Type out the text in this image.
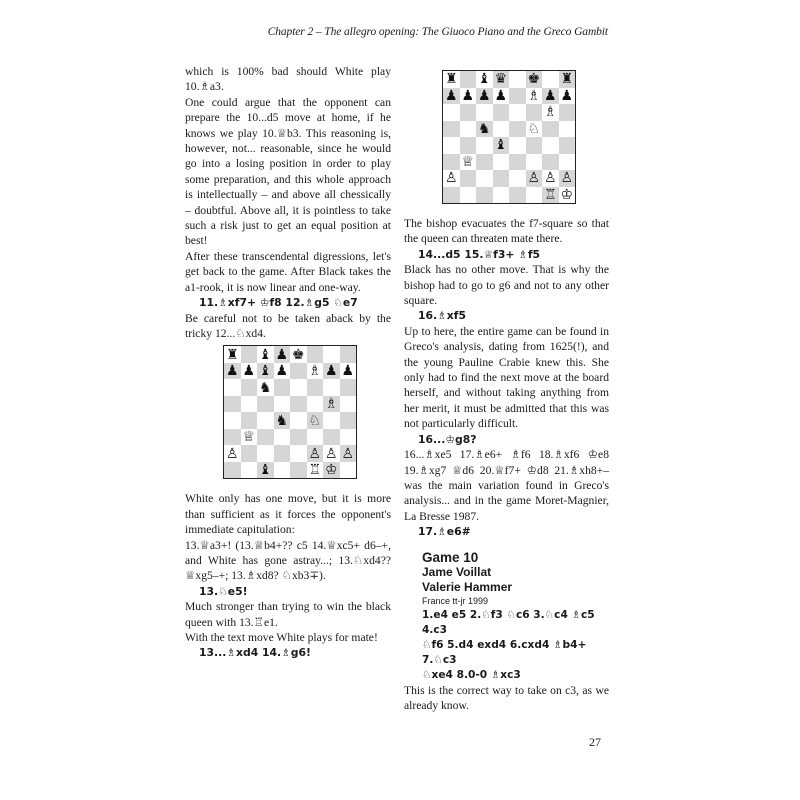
Chapter 2 – The allegro opening: The Giuoco Piano and the Greco Gambit

which is 100% bad should White play 10.♗a3.

One could argue that the opponent can prepare the 10...d5 move at home, if he knows we play 10.♕b3. This reasoning is, however, not... reasonable, since he would go into a losing position in order to play some preparation, and this whole approach is intellectually – and above all chessically – doubtful. Above all, it is pointless to take such a risk just to get an equal position at best!

After these transcendental digressions, let's get back to the game. After Black takes the a1-rook, it is now linear and one-way.

11.♗xf7+ ♔f8 12.♗g5 ♘e7

Be careful not to be taken aback by the tricky 12...♘xd4.

♜ ♝ ♟ ♚
♟ ♟ ♝ ♟ ♗ ♟ ♟
♞
♗
♞ ♘
♕
♙	♙ ♙ ♙
♝	♖ ♔

White only has one move, but it is more than sufficient as it forces the opponent's immediate capitulation:

13.♕a3+! (13.♕b4+?? c5 14.♕xc5+ d6–+, and White has gone astray...; 13.♘xd4?? ♕xg5–+; 13.♗xd8? ♘xb3∓).

13.♘e5!

Much stronger than trying to win the black queen with 13.♖e1.

With the text move White plays for mate!

13...♗xd4 14.♗g6!

♜ ♝ ♛ ♚ ♜
♟ ♟ ♟ ♟ ♗ ♟ ♟
♗
♞	♘
♝
♕
♙	♙ ♙ ♙
♖ ♔

The bishop evacuates the f7-square so that the queen can threaten mate there.

14...d5 15.♕f3+ ♗f5

Black has no other move. That is why the bishop had to go to g6 and not to any other square.

16.♗xf5

Up to here, the entire game can be found in Greco's analysis, dating from 1625(!), and the young Pauline Crabie knew this. She only had to find the next move at the board herself, and without taking anything from her merit, it must be admitted that this was not particularly difficult.

16...♔g8?

16...♗xe5 17.♗e6+ ♗f6 18.♗xf6 ♔e8 19.♗xg7 ♕d6 20.♕f7+ ♔d8 21.♗xh8+– was the main variation found in Greco's analysis... and in the game Moret-Magnier, La Bresse 1987.

17.♗e6#

Game 10
Jame Voillat
Valerie Hammer
France tt-jr 1999
1.e4 e5 2.♘f3 ♘c6 3.♘c4 ♗c5 4.c3
♘f6 5.d4 exd4 6.cxd4 ♗b4+ 7.♘c3
♘xe4 8.0-0 ♗xc3

This is the correct way to take on c3, as we already know.

27
